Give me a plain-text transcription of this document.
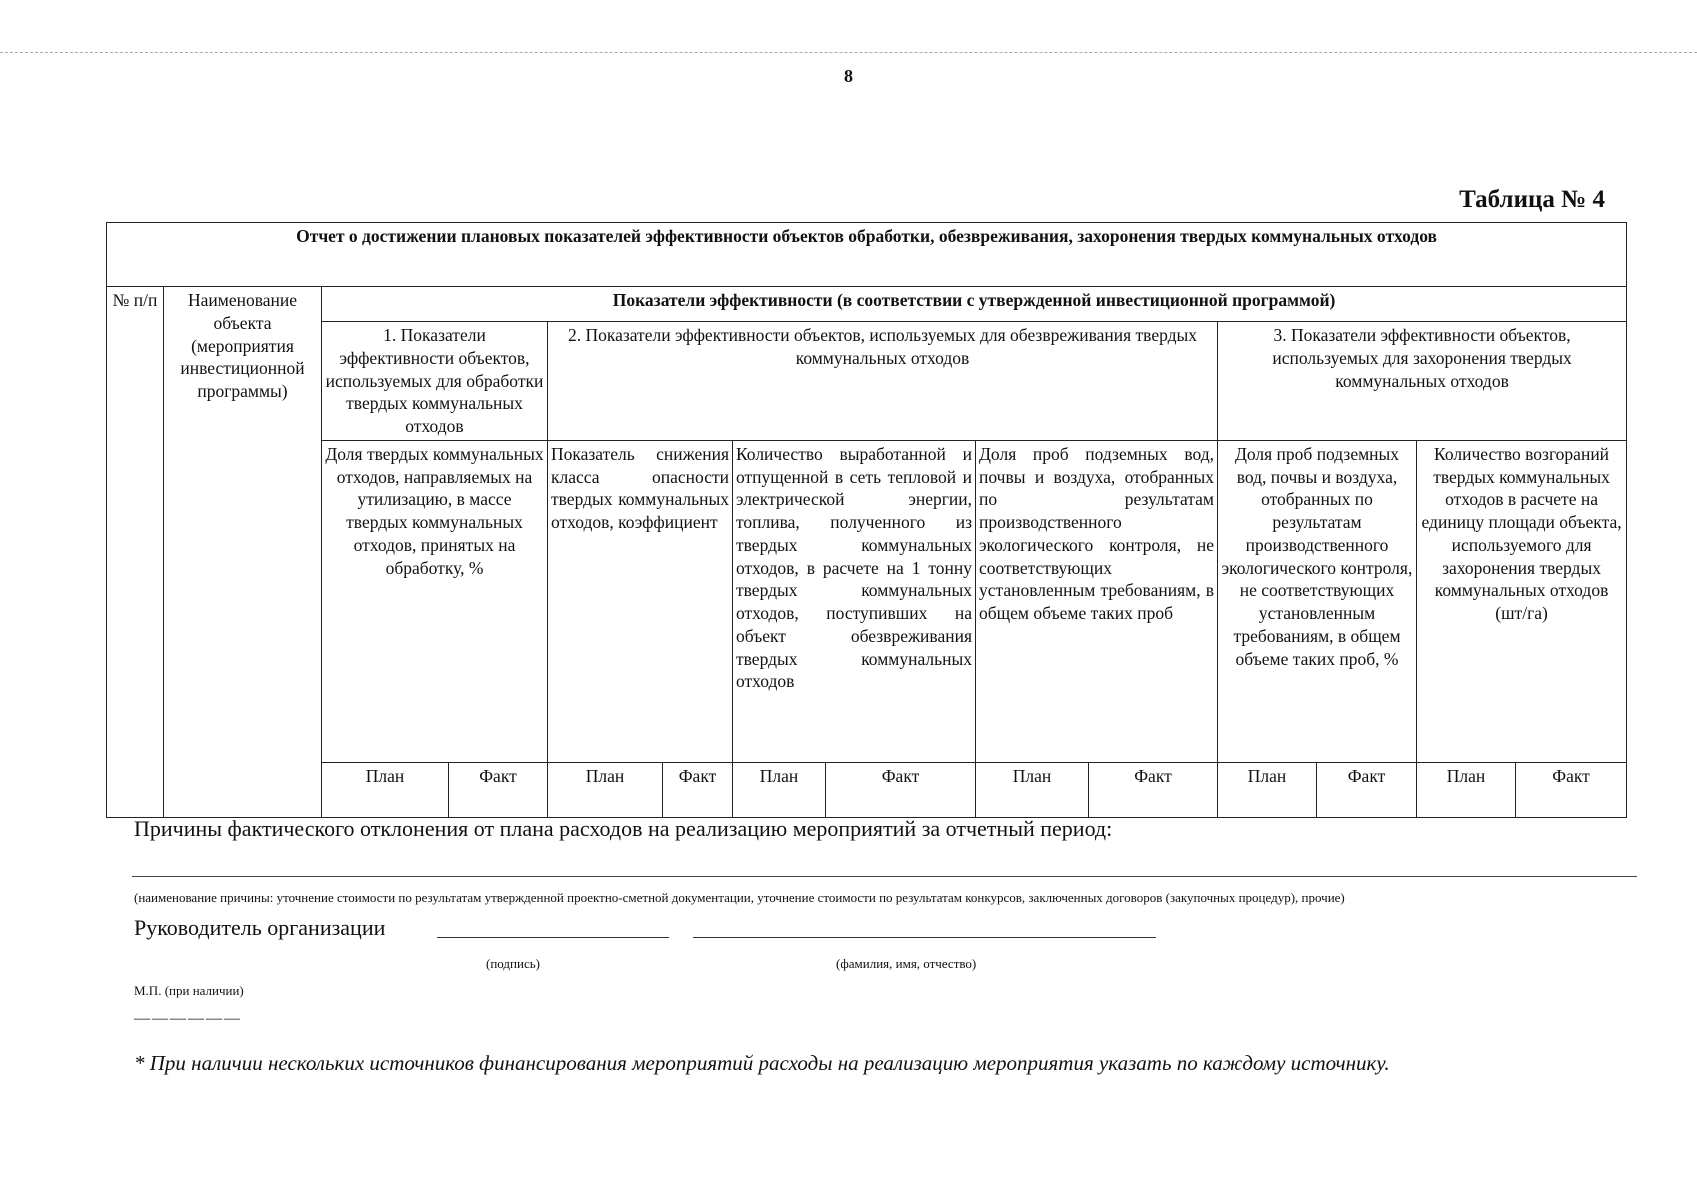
8
Таблица № 4
Отчет о достижении плановых показателей эффективности объектов обработки, обезвреживания, захоронения твердых коммунальных отходов													
№ п/п	Наименование объекта (мероприятия инвестиционной программы)	Показатели эффективности (в соответствии с утвержденной инвестиционной программой)											
		1. Показатели эффективности объектов, используемых для обработки твердых коммунальных отходов		2. Показатели эффективности объектов, используемых для обезвреживания твердых коммунальных отходов						3. Показатели эффективности объектов, используемых для захоронения твердых коммунальных отходов			
		Доля твердых коммунальных отходов, направляемых на утилизацию, в массе твердых коммунальных отходов, принятых на обработку, %		Показатель снижения класса опасности твердых коммунальных отходов, коэффициент		Количество выработанной и отпущенной в сеть тепловой и электрической энергии, топлива, полученного из твердых коммунальных отходов, в расчете на 1 тонну твердых коммунальных отходов, поступивших на объект обезвреживания твердых коммунальных отходов		Доля проб подземных вод, почвы и воздуха, отобранных по результатам производственного экологического контроля, не соответствующих установленным требованиям, в общем объеме таких проб		Доля проб подземных вод, почвы и воздуха, отобранных по результатам производственного экологического контроля, не соответствующих установленным требованиям, в общем объеме таких проб, %		Количество возгораний твердых коммунальных отходов в расчете на единицу площади объекта, используемого для захоронения твердых коммунальных отходов (шт/га)	
		План	Факт	План	Факт	План	Факт	План	Факт	План	Факт	План	Факт
Причины фактического отклонения от плана расходов на реализацию мероприятий за отчетный период:
(наименование причины: уточнение стоимости по результатам утвержденной проектно-сметной документации, уточнение стоимости по результатам конкурсов, заключенных договоров (закупочных процедур), прочие)
Руководитель организации
(подпись)	(фамилия, имя, отчество)
М.П. (при наличии)
——————
* При наличии нескольких источников финансирования мероприятий расходы на реализацию мероприятия указать по каждому источнику.
